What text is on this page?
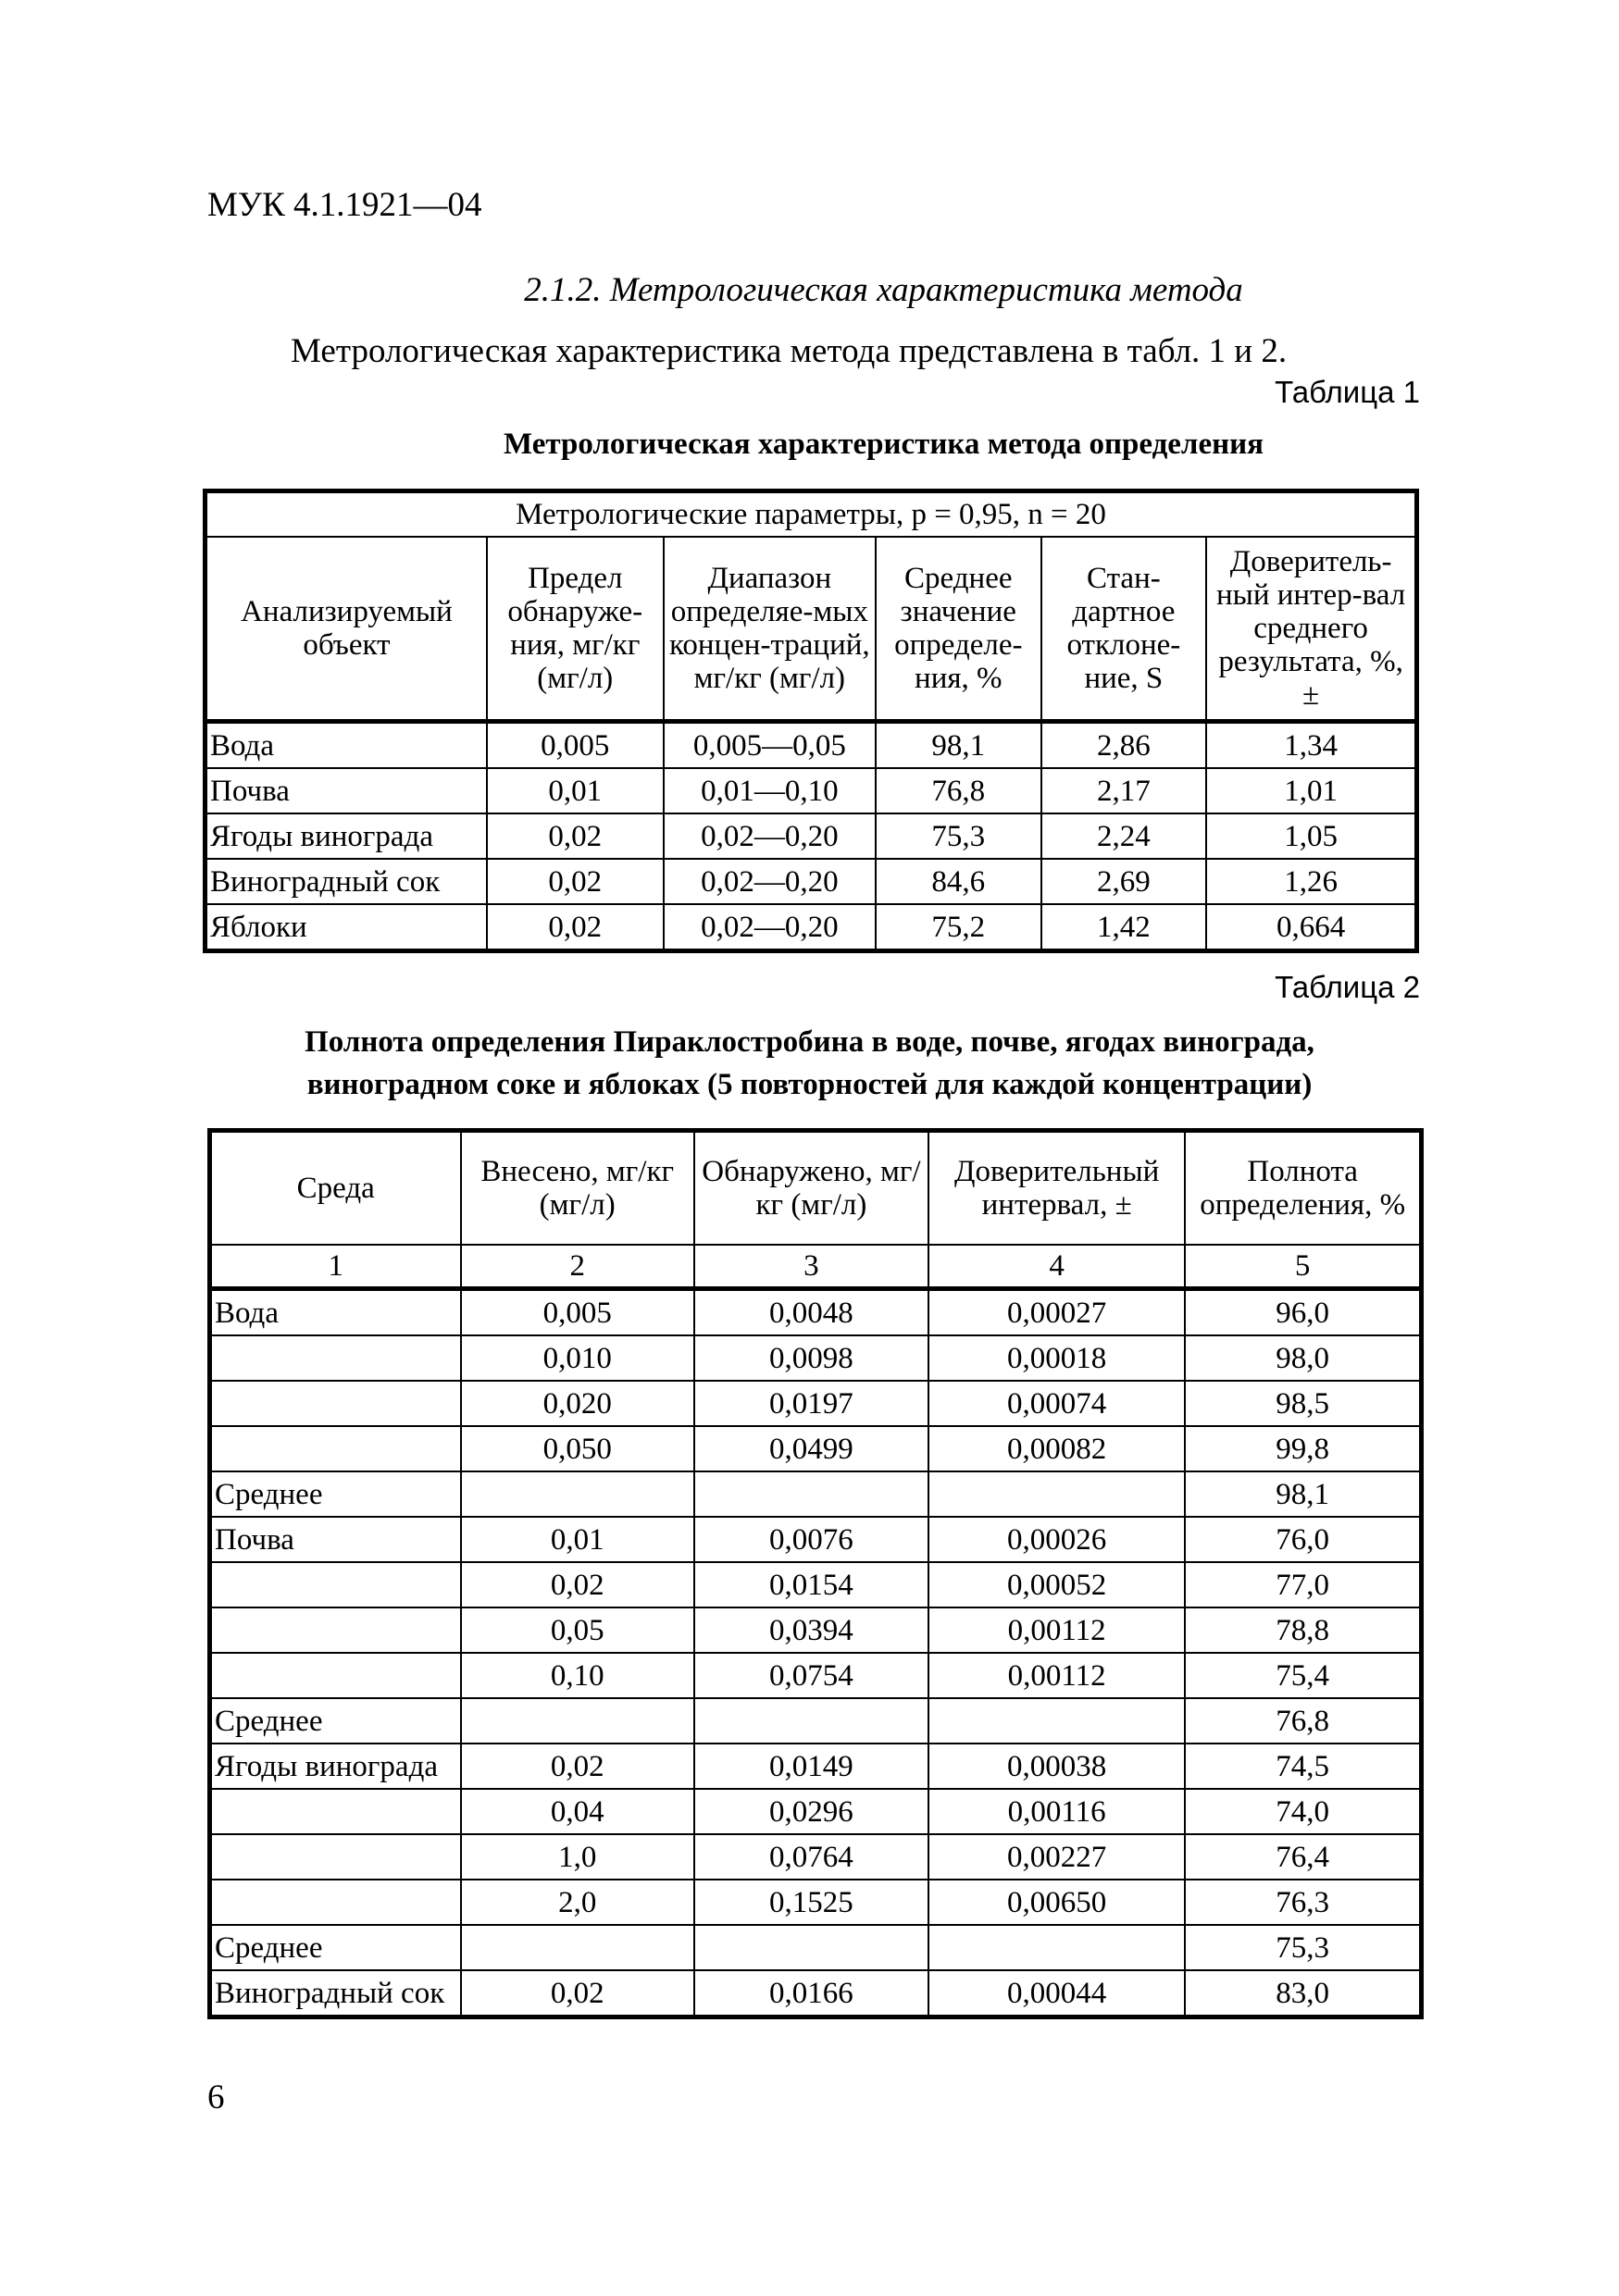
МУК 4.1.1921—04
2.1.2. Метрологическая характеристика метода
Метрологическая характеристика метода представлена в табл. 1 и 2.
Таблица 1
Метрологическая характеристика метода определения
Метрологические параметры, p = 0,95, n = 20					
Анализируемый объект	Предел обнаруже-ния, мг/кг (мг/л)	Диапазон определяе-мых концен-траций, мг/кг (мг/л)	Среднее значение определе-ния, %	Стан-дартное отклоне-ние, S	Доверитель-ный интер-вал среднего результата, %, ±
Вода	0,005	0,005—0,05	98,1	2,86	1,34
Почва	0,01	0,01—0,10	76,8	2,17	1,01
Ягоды винограда	0,02	0,02—0,20	75,3	2,24	1,05
Виноградный сок	0,02	0,02—0,20	84,6	2,69	1,26
Яблоки	0,02	0,02—0,20	75,2	1,42	0,664
Таблица 2
Полнота определения Пираклостробина в воде, почве, ягодах винограда,
виноградном соке и яблоках (5 повторностей для каждой концентрации)
Среда	Внесено, мг/кг (мг/л)	Обнаружено, мг/кг (мг/л)	Доверительный интервал, ±	Полнота определения, %
1	2	3	4	5
Вода	0,005	0,0048	0,00027	96,0
	0,010	0,0098	0,00018	98,0
	0,020	0,0197	0,00074	98,5
	0,050	0,0499	0,00082	99,8
Среднее				98,1
Почва	0,01	0,0076	0,00026	76,0
	0,02	0,0154	0,00052	77,0
	0,05	0,0394	0,00112	78,8
	0,10	0,0754	0,00112	75,4
Среднее				76,8
Ягоды винограда	0,02	0,0149	0,00038	74,5
	0,04	0,0296	0,00116	74,0
	1,0	0,0764	0,00227	76,4
	2,0	0,1525	0,00650	76,3
Среднее				75,3
Виноградный сок	0,02	0,0166	0,00044	83,0
6
